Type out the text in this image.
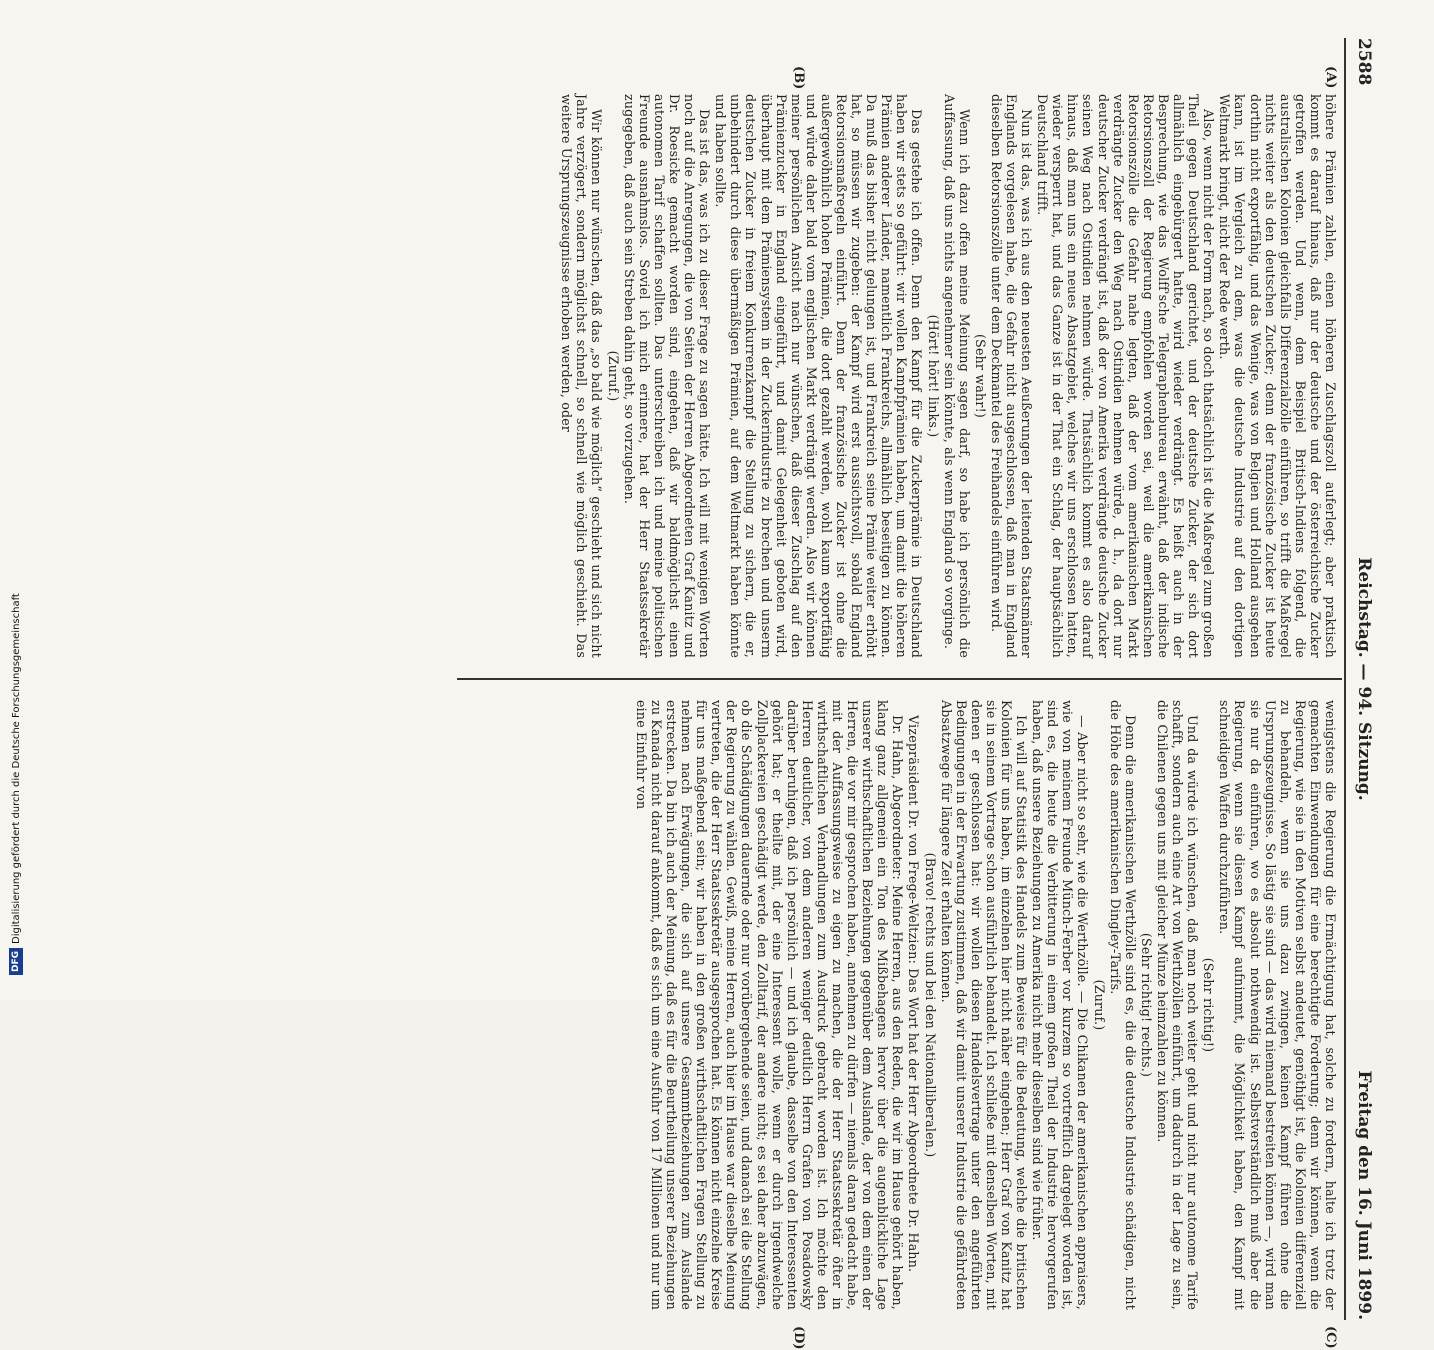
2588
Reichstag. — 94. Sitzung.
Freitag den 16. Juni 1899.
(A)
(B)
(C)
(D)

höhere Prämien zahlen, einen höheren Zuschlagszoll auferlegt; aber praktisch kommt es darauf hinaus, daß nur der deutsche und der österreichische Zucker getroffen werden. Und wenn, dem Beispiel Britisch-Indiens folgend, die australischen Kolonien gleichfalls Differenzialzölle einführen, so trifft die Maßregel nichts weiter als den deutschen Zucker; denn der französische Zucker ist heute dorthin nicht exportfähig, und das Wenige, was von Belgien und Holland ausgehen kann, ist im Vergleich zu dem, was die deutsche Industrie auf den dortigen Weltmarkt bringt, nicht der Rede werth.

Also, wenn nicht der Form nach, so doch thatsächlich ist die Maßregel zum großen Theil gegen Deutschland gerichtet, und der deutsche Zucker, der sich dort allmählich eingebürgert hatte, wird wieder verdrängt. Es heißt auch in der Besprechung, wie das Wolff'sche Telegraphenbureau erwähnt, daß der indische Retorsionszoll der Regierung empfohlen worden sei, weil die amerikanischen Retorsionszölle die Gefahr nahe legten, daß der vom amerikanischen Markt verdrängte Zucker den Weg nach Ostindien nehmen würde, d. h., da dort nur deutscher Zucker verdrängt ist, daß der von Amerika verdrängte deutsche Zucker seinen Weg nach Ostindien nehmen würde. Thatsächlich kommt es also darauf hinaus, daß man uns ein neues Absatzgebiet, welches wir uns erschlossen hatten, wieder versperrt hat, und das Ganze ist in der That ein Schlag, der hauptsächlich Deutschland trifft.

Nun ist das, was ich aus den neuesten Aeußerungen der leitenden Staatsmänner Englands vorgelesen habe, die Gefahr nicht ausgeschlossen, daß man in England dieselben Retorsionszölle unter dem Deckmantel des Freihandels einführen wird.

(Sehr wahr!)

Wenn ich dazu offen meine Meinung sagen darf, so habe ich persönlich die Auffassung, daß uns nichts angenehmer sein könnte, als wenn England so vorginge.

(Hört! hört! links.)

Das gestehe ich offen. Denn den Kampf für die Zuckerprämie in Deutschland haben wir stets so geführt: wir wollen Kampfprämien haben, um damit die höheren Prämien anderer Länder, namentlich Frankreichs, allmählich beseitigen zu können. Da muß das bisher nicht gelungen ist, und Frankreich seine Prämie weiter erhöht hat, so müssen wir zugeben: der Kampf wird erst aussichtsvoll, sobald England Retorsionsmaßregeln einführt. Denn der französische Zucker ist ohne die außergewöhnlich hohen Prämien, die dort gezahlt werden, wohl kaum exportfähig und würde daher bald vom englischen Markt verdrängt werden. Also wir können meiner persönlichen Ansicht nach nur wünschen, daß dieser Zuschlag auf den Prämienzucker in England eingeführt, und damit Gelegenheit geboten wird, überhaupt mit dem Prämiensystem in der Zuckerindustrie zu brechen und unserm deutschen Zucker in freiem Konkurrenzkampf die Stellung zu sichern, die er, unbehindert durch diese übermäßigen Prämien, auf dem Weltmarkt haben könnte und haben sollte.

Das ist das, was ich zu dieser Frage zu sagen hätte. Ich will mit wenigen Worten noch auf die Anregungen, die von Seiten der Herren Abgeordneten Graf Kanitz und Dr. Roesicke gemacht worden sind, eingehen, daß wir baldmöglichst einen autonomen Tarif schaffen sollten. Das unterschreiben ich und meine politischen Freunde ausnahmslos. Soviel ich mich erinnere, hat der Herr Staatssekretär zugegeben, daß auch sein Streben dahin geht, so vorzugehen.

(Zuruf.)

Wir können nur wünschen, daß das „so bald wie möglich“ geschieht und sich nicht Jahre verzögert, sondern möglichst schnell, so schnell wie möglich geschieht. Das weitere Ursprungszeugnisse erhoben werden, oder

wenigstens die Regierung die Ermächtigung hat, solche zu fordern, halte ich trotz der gemachten Einwendungen für eine berechtigte Forderung; denn wir können, wenn die Regierung, wie sie in den Motiven selbst andeutet, genöthigt ist, die Kolonien differenziell zu behandeln, wenn sie uns dazu zwingen, keinen Kampf führen ohne die Ursprungszeugnisse. So lästig sie sind — das wird niemand bestreiten können —, wird man sie nur da einführen, wo es absolut nothwendig ist. Selbstverständlich muß aber die Regierung, wenn sie diesen Kampf aufnimmt, die Möglichkeit haben, den Kampf mit schneidigen Waffen durchzuführen.

(Sehr richtig!)

Und da würde ich wünschen, daß man noch weiter geht und nicht nur autonome Tarife schafft, sondern auch eine Art von Werthzöllen einführt, um dadurch in der Lage zu sein, die Chilenen gegen uns mit gleicher Münze heimzahlen zu können.

(Sehr richtig! rechts.)

Denn die amerikanischen Werthzölle sind es, die die deutsche Industrie schädigen, nicht die Höhe des amerikanischen Dingley-Tarifs.

(Zuruf.)

— Aber nicht so sehr, wie die Werthzölle. — Die Chikanen der amerikanischen appraisers, wie von meinem Freunde Münch-Ferber vor kurzem so vortrefflich dargelegt worden ist, sind es, die heute die Verbitterung in einem großen Theil der Industrie hervorgerufen haben, daß unsere Beziehungen zu Amerika nicht mehr dieselben sind wie früher.

Ich will auf Statistik des Handels zum Beweise für die Bedeutung, welche die britischen Kolonien für uns haben, im einzelnen hier nicht näher eingehen; Herr Graf von Kanitz hat sie in seinem Vortrage schon ausführlich behandelt. Ich schließe mit denselben Worten, mit denen er geschlossen hat: wir wollen diesen Handelsvertrage unter den angeführten Bedingungen in der Erwartung zustimmen, daß wir damit unserer Industrie die gefährdeten Absatzwege für längere Zeit erhalten können.

(Bravo! rechts und bei den Nationalliberalen.)

Vizepräsident Dr. von Frege-Weltzien: Das Wort hat der Herr Abgeordnete Dr. Hahn.

Dr. Hahn, Abgeordneter: Meine Herren, aus den Reden, die wir im Hause gehört haben, klang ganz allgemein ein Ton des Mißbehagens hervor über die augenblickliche Lage unserer wirthschaftlichen Beziehungen gegenüber dem Auslande, der von dem einen der Herren, die vor mir gesprochen haben, annehmen zu dürfen — niemals daran gedacht habe, mit der Auffassungsweise zu eigen zu machen, die der Herr Staatssekretär öfter in wirthschaftlichen Verhandlungen zum Ausdruck gebracht worden ist. Ich möchte den Herren deutlicher, von dem anderen weniger deutlich Herrn Grafen von Posadowsky darüber beruhigen, daß ich persönlich — und ich glaube, dasselbe von den Interessenten gehört hat; er theilte mit, der eine Interessent wolle, wenn er durch irgendwelche Zollplackereien geschädigt werde, den Zolltarif, der andere nicht; es sei daher abzuwägen, ob die Schädigungen dauernde oder nur vorübergehende seien, und danach sei die Stellung der Regierung zu wählen. Gewiß, meine Herren, auch hier im Hause war dieselbe Meinung vertreten, die der Herr Staatssekretär ausgesprochen hat. Es können nicht einzelne Kreise für uns maßgebend sein; wir haben in den großen wirthschaftlichen Fragen Stellung zu nehmen nach Erwägungen, die sich auf unsere Gesammtbeziehungen zum Auslande erstrecken. Da bin ich auch der Meinung, daß es für die Beurtheilung unserer Beziehungen zu Kanada nicht darauf ankommt, daß es sich um eine Ausfuhr von 17 Millionen und nur um eine Einfuhr von

DFGDigitalisierung gefördert durch die Deutsche Forschungsgemeinschaft
